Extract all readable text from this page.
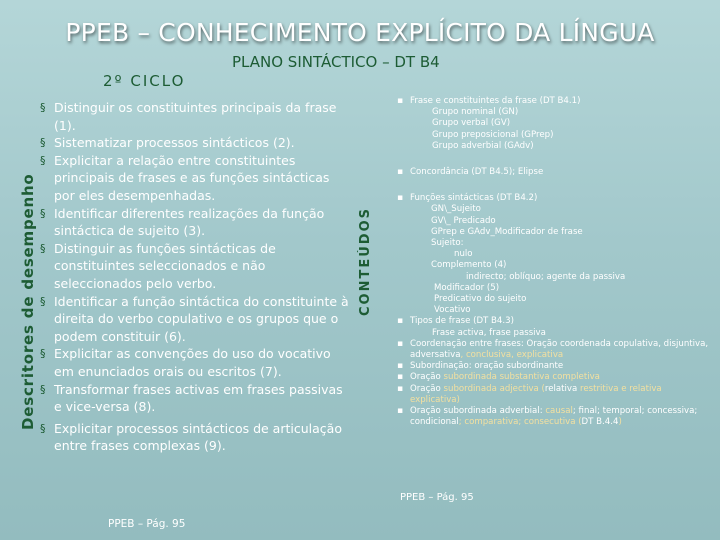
PPEB – CONHECIMENTO EXPLÍCITO DA LÍNGUA
PLANO SINTÁCTICO – DT B4
2º CICLO
Descritores de desempenho
§ Distinguir os constituintes principais da frase (1).
§ Sistematizar processos sintácticos (2).
§ Explicitar a relação entre constituintes principais de frases e as funções sintácticas por eles desempenhadas.
§ Identificar diferentes realizações da função sintáctica de sujeito (3).
§ Distinguir as funções sintácticas de constituintes seleccionados e não seleccionados pelo verbo.
§ Identificar a função sintáctica do constituinte à direita do verbo copulativo e os grupos que o podem constituir (6).
§ Explicitar as convenções do uso do vocativo em enunciados orais ou escritos (7).
§ Transformar frases activas em frases passivas e vice-versa (8).
§ Explicitar processos sintácticos de articulação entre frases complexas (9).
PPEB – Pág. 95
CONTEÚDOS
▪ Frase e constituintes da frase (DT B4.1)
Grupo nominal (GN)
Grupo verbal (GV)
Grupo preposicional (GPrep)
Grupo adverbial (GAdv)
▪ Concordância (DT B4.5); Elipse
▪ Funções sintácticas (DT B4.2)
GN\_Sujeito
GV\_ Predicado
GPrep e GAdv_Modificador de frase
Sujeito:
nulo
Complemento (4)
indirecto; oblíquo; agente da passiva
Modificador (5)
Predicativo do sujeito
Vocativo
▪ Tipos de frase (DT B4.3)
Frase activa, frase passiva
▪ Coordenação entre frases: Oração coordenada copulativa, disjuntiva, adversativa, conclusiva, explicativa
▪ Subordinação: oração subordinante
▪ Oração subordinada substantiva completiva
▪ Oração subordinada adjectiva (relativa restritiva e relativa explicativa)
▪ Oração subordinada adverbial: causal; final; temporal; concessiva; condicional; comparativa; consecutiva (DT B.4.4)
PPEB – Pág. 95
